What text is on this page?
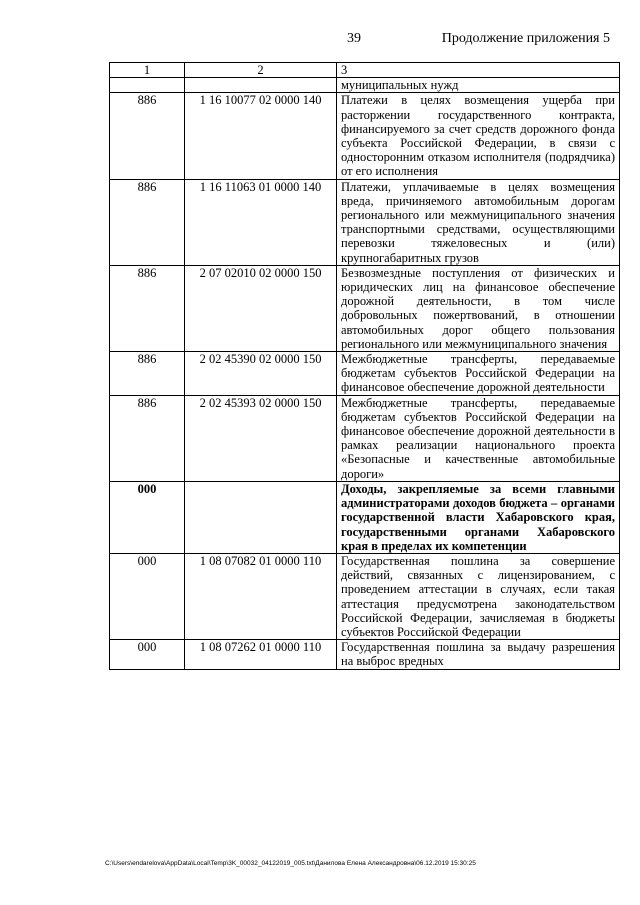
39	Продолжение приложения 5
1	2	3
		муниципальных нужд
886	1 16 10077 02 0000 140	Платежи в целях возмещения ущерба при расторжении государственного контракта, финансируемого за счет средств дорожного фонда субъекта Российской Федерации, в связи с односторонним отказом исполнителя (подрядчика) от его исполнения
886	1 16 11063 01 0000 140	Платежи, уплачиваемые в целях возмещения вреда, причиняемого автомобильным дорогам регионального или межмуниципального значения транспортными средствами, осуществляющими перевозки тяжеловесных и (или) крупногабаритных грузов
886	2 07 02010 02 0000 150	Безвозмездные поступления от физических и юридических лиц на финансовое обеспечение дорожной деятельности, в том числе добровольных пожертвований, в отношении автомобильных дорог общего пользования регионального или межмуниципального значения
886	2 02 45390 02 0000 150	Межбюджетные трансферты, передаваемые бюджетам субъектов Российской Федерации на финансовое обеспечение дорожной деятельности
886	2 02 45393 02 0000 150	Межбюджетные трансферты, передаваемые бюджетам субъектов Российской Федерации на финансовое обеспечение дорожной деятельности в рамках реализации национального проекта «Безопасные и качественные автомобильные дороги»
000		Доходы, закрепляемые за всеми главными администраторами доходов бюджета – органами государственной власти Хабаровского края, государственными органами Хабаровского края в пределах их компетенции
000	1 08 07082 01 0000 110	Государственная пошлина за совершение действий, связанных с лицензированием, с проведением аттестации в случаях, если такая аттестация предусмотрена законодательством Российской Федерации, зачисляемая в бюджеты субъектов Российской Федерации
000	1 08 07262 01 0000 110	Государственная пошлина за выдачу разрешения на выброс вредных
C:\Users\endarelova\AppData\Local\Temp\3K_00032_04122019_005.txt\Данилова Елена Александровна\06.12.2019 15:30:25
